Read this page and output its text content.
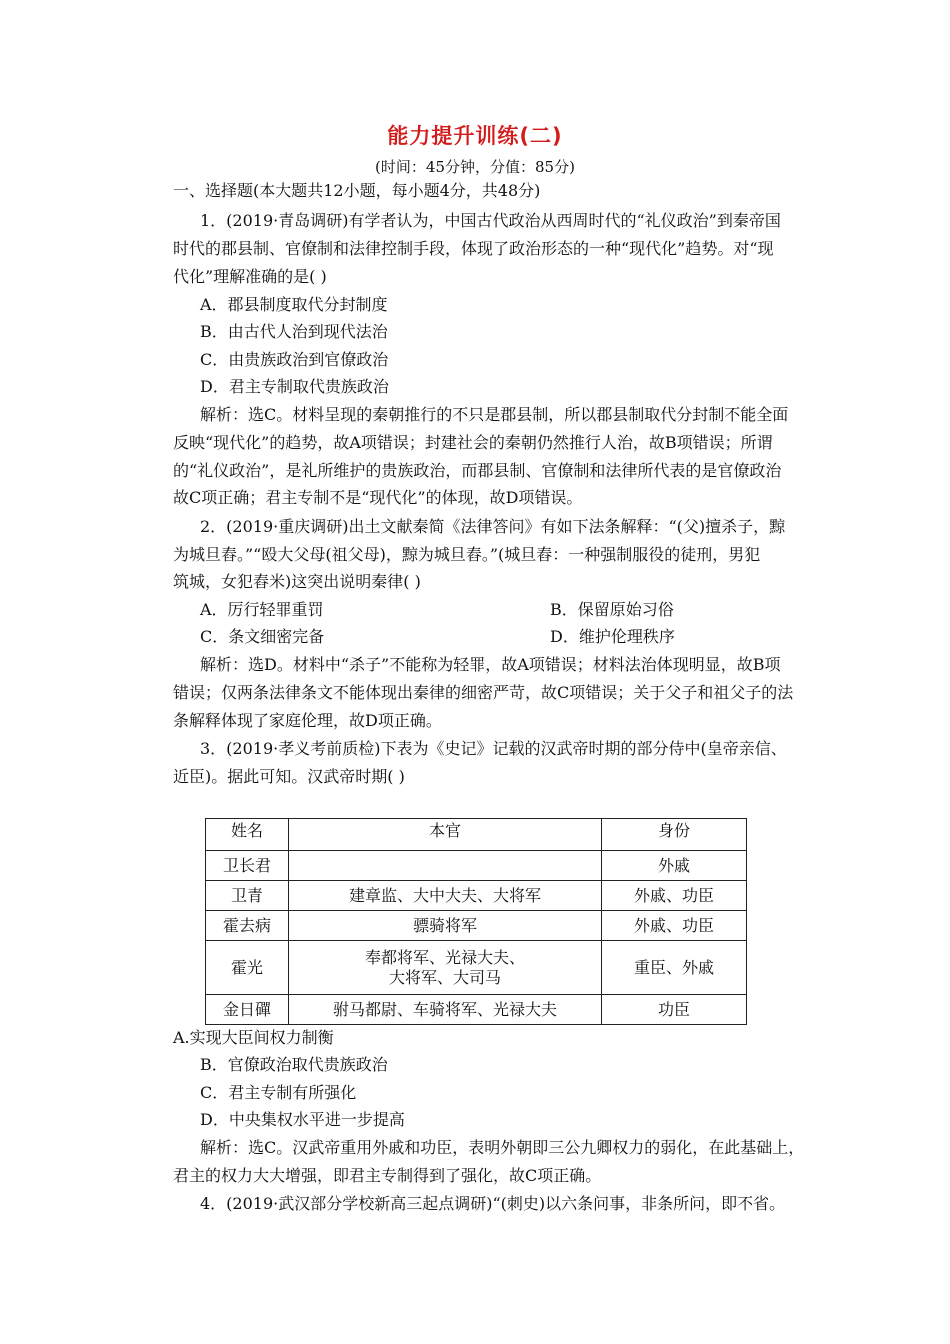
能力提升训练(二)
(时间：45分钟，分值：85分)
一、选择题(本大题共12小题，每小题4分，共48分)
1．(2019·青岛调研)有学者认为，中国古代政治从西周时代的“礼仪政治”到秦帝国
时代的郡县制、官僚制和法律控制手段，体现了政治形态的一种“现代化”趋势。对“现
代化”理解准确的是( )
A．郡县制度取代分封制度
B．由古代人治到现代法治
C．由贵族政治到官僚政治
D．君主专制取代贵族政治
解析：选C。材料呈现的秦朝推行的不只是郡县制，所以郡县制取代分封制不能全面
反映“现代化”的趋势，故A项错误；封建社会的秦朝仍然推行人治，故B项错误；所谓
的“礼仪政治”，是礼所维护的贵族政治，而郡县制、官僚制和法律所代表的是官僚政治
故C项正确；君主专制不是“现代化”的体现，故D项错误。
2．(2019·重庆调研)出土文献秦简《法律答问》有如下法条解释：“(父)擅杀子，黥
为城旦舂。”“殴大父母(祖父母)，黥为城旦舂。”(城旦舂：一种强制服役的徒刑，男犯
筑城，女犯舂米)这突出说明秦律( )
A．厉行轻罪重罚	B．保留原始习俗
C．条文细密完备	D．维护伦理秩序
解析：选D。材料中“杀子”不能称为轻罪，故A项错误；材料法治体现明显，故B项
错误；仅两条法律条文不能体现出秦律的细密严苛，故C项错误；关于父子和祖父子的法
条解释体现了家庭伦理，故D项正确。
3．(2019·孝义考前质检)下表为《史记》记载的汉武帝时期的部分侍中(皇帝亲信、
近臣)。据此可知。汉武帝时期( )
姓名	本官	身份
卫长君		外戚
卫青	建章监、大中大夫、大将军	外戚、功臣
霍去病	骠骑将军	外戚、功臣
霍光	奉都将军、光禄大夫、
大将军、大司马	重臣、外戚
金日磾	驸马都尉、车骑将军、光禄大夫	功臣
A.实现大臣间权力制衡
B．官僚政治取代贵族政治
C．君主专制有所强化
D．中央集权水平进一步提高
解析：选C。汉武帝重用外戚和功臣，表明外朝即三公九卿权力的弱化，在此基础上，
君主的权力大大增强，即君主专制得到了强化，故C项正确。
4．(2019·武汉部分学校新高三起点调研)“(刺史)以六条问事，非条所问，即不省。
